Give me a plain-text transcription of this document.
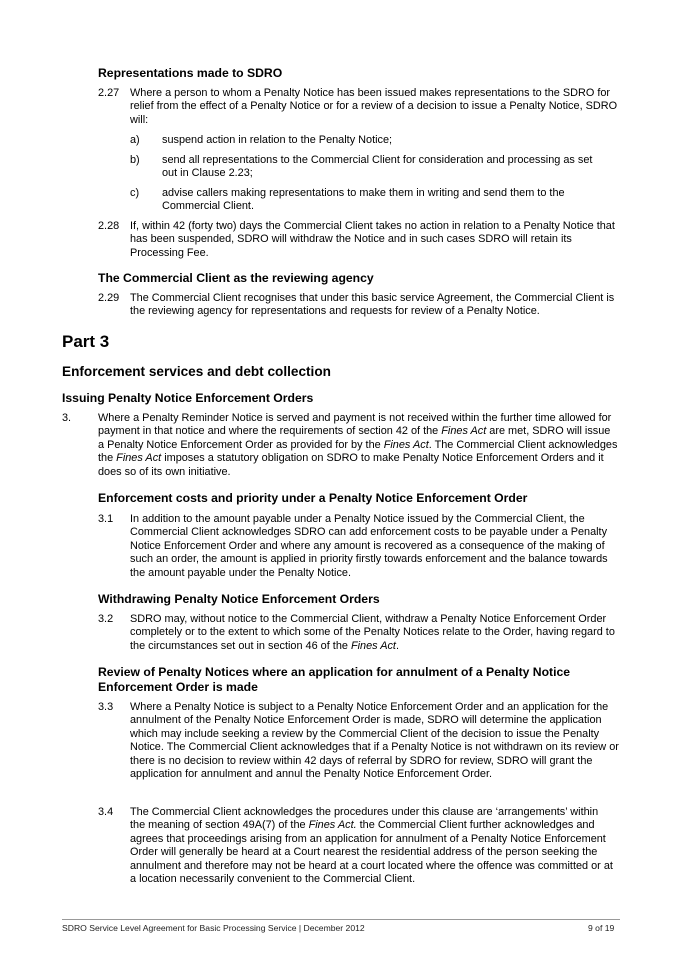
Representations made to SDRO
2.27 Where a person to whom a Penalty Notice has been issued makes representations to the SDRO for relief from the effect of a Penalty Notice or for a review of a decision to issue a Penalty Notice, SDRO will:
a) suspend action in relation to the Penalty Notice;
b) send all representations to the Commercial Client for consideration and processing as set out in Clause 2.23;
c) advise callers making representations to make them in writing and send them to the Commercial Client.
2.28 If, within 42 (forty two) days the Commercial Client takes no action in relation to a Penalty Notice that has been suspended, SDRO will withdraw the Notice and in such cases SDRO will retain its Processing Fee.
The Commercial Client as the reviewing agency
2.29 The Commercial Client recognises that under this basic service Agreement, the Commercial Client is the reviewing agency for representations and requests for review of a Penalty Notice.
Part 3
Enforcement services and debt collection
Issuing Penalty Notice Enforcement Orders
3. Where a Penalty Reminder Notice is served and payment is not received within the further time allowed for payment in that notice and where the requirements of section 42 of the Fines Act are met, SDRO will issue a Penalty Notice Enforcement Order as provided for by the Fines Act. The Commercial Client acknowledges the Fines Act imposes a statutory obligation on SDRO to make Penalty Notice Enforcement Orders and it does so of its own initiative.
Enforcement costs and priority under a Penalty Notice Enforcement Order
3.1 In addition to the amount payable under a Penalty Notice issued by the Commercial Client, the Commercial Client acknowledges SDRO can add enforcement costs to be payable under a Penalty Notice Enforcement Order and where any amount is recovered as a consequence of the making of such an order, the amount is applied in priority firstly towards enforcement and the balance towards the amount payable under the Penalty Notice.
Withdrawing Penalty Notice Enforcement Orders
3.2 SDRO may, without notice to the Commercial Client, withdraw a Penalty Notice Enforcement Order completely or to the extent to which some of the Penalty Notices relate to the Order, having regard to the circumstances set out in section 46 of the Fines Act.
Review of Penalty Notices where an application for annulment of a Penalty Notice Enforcement Order is made
3.3 Where a Penalty Notice is subject to a Penalty Notice Enforcement Order and an application for the annulment of the Penalty Notice Enforcement Order is made, SDRO will determine the application which may include seeking a review by the Commercial Client of the decision to issue the Penalty Notice. The Commercial Client acknowledges that if a Penalty Notice is not withdrawn on its review or there is no decision to review within 42 days of referral by SDRO for review, SDRO will grant the application for annulment and annul the Penalty Notice Enforcement Order.
3.4 The Commercial Client acknowledges the procedures under this clause are ‘arrangements’ within the meaning of section 49A(7) of the Fines Act. the Commercial Client further acknowledges and agrees that proceedings arising from an application for annulment of a Penalty Notice Enforcement Order will generally be heard at a Court nearest the residential address of the person seeking the annulment and therefore may not be heard at a court located where the offence was committed or at a location necessarily convenient to the Commercial Client.
SDRO Service Level Agreement for Basic Processing Service | December 2012	9 of 19
